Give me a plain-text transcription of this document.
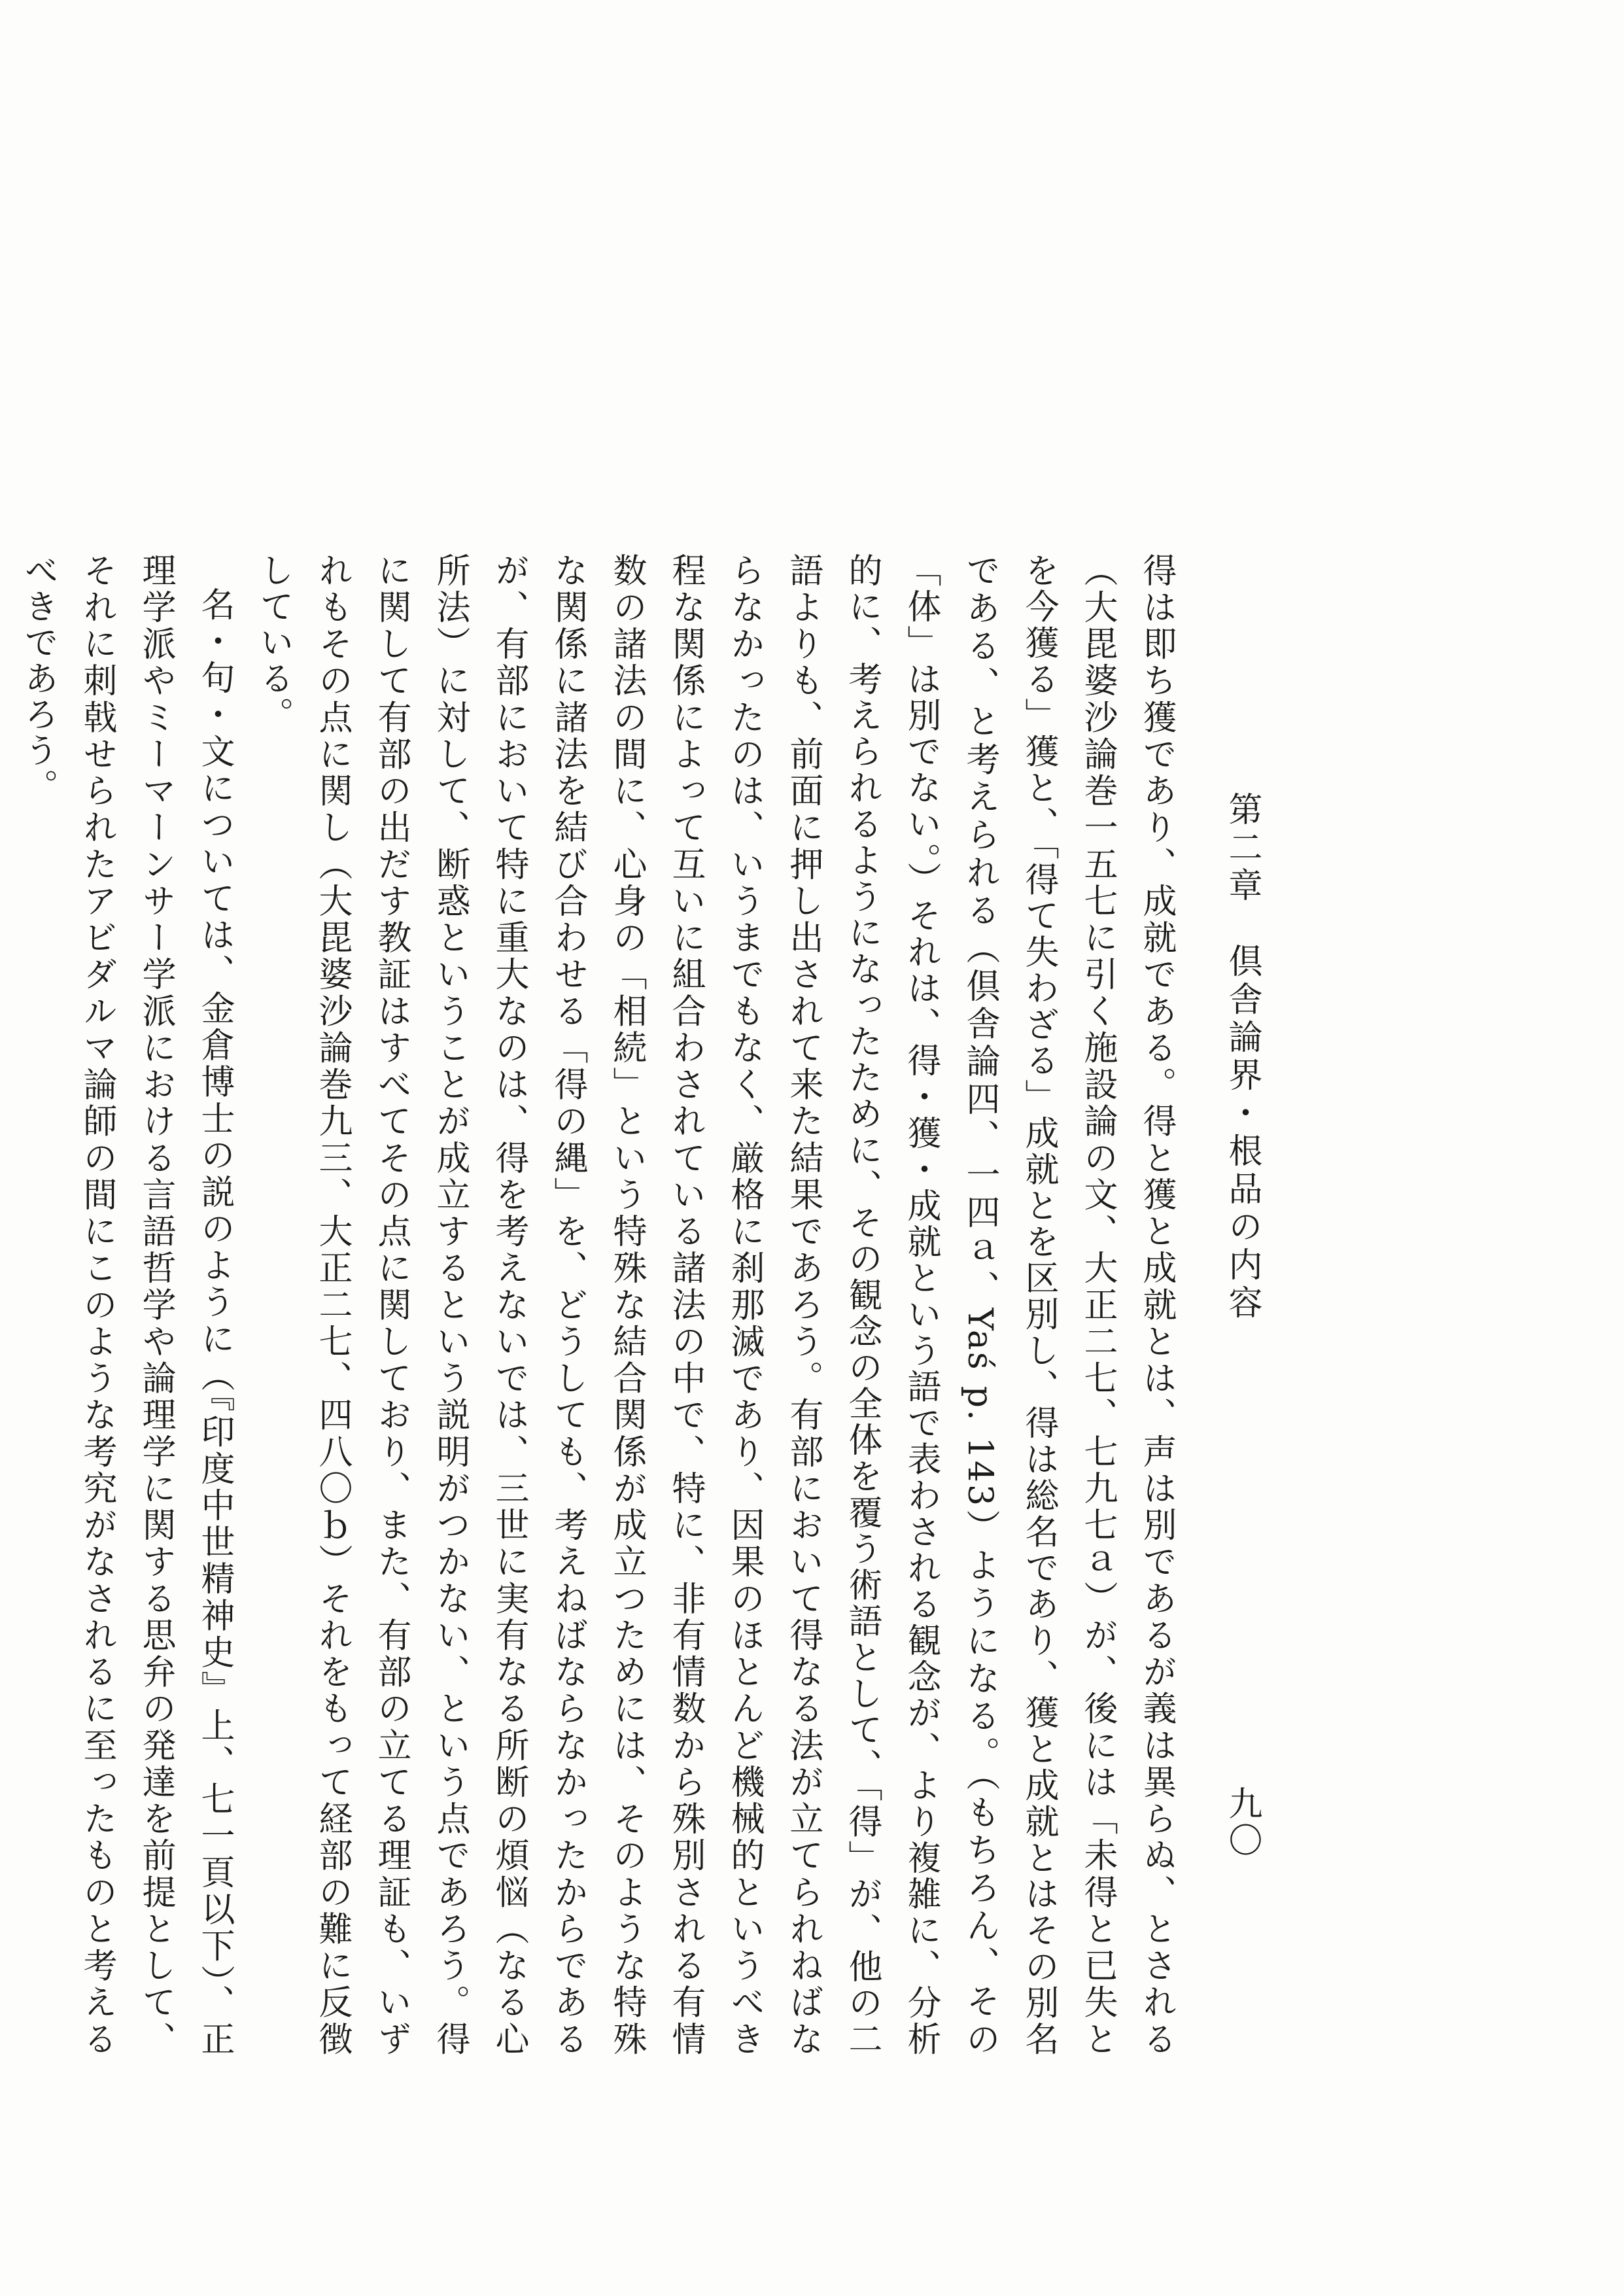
第二章　倶舎論界・根品の内容
九〇

得は即ち獲であり、成就である。得と獲と成就とは、声は別であるが義は異らぬ、とされる（大毘婆沙論巻一五七に引く施設論の文、大正二七、七九七ａ）が、後には「未得と已失とを今獲る」獲と、「得て失わざる」成就とを区別し、得は総名であり、獲と成就とはその別名である、と考えられる（倶舎論四、一四ａ、Yaś p. 143）ようになる。（もちろん、その「体」は別でない。）それは、得・獲・成就という語で表わされる観念が、より複雑に、分析的に、考えられるようになったために、その観念の全体を覆う術語として、「得」が、他の二語よりも、前面に押し出されて来た結果であろう。有部において得なる法が立てられねばならなかったのは、いうまでもなく、厳格に刹那滅であり、因果のほとんど機械的というべき程な関係によって互いに組合わされている諸法の中で、特に、非有情数から殊別される有情数の諸法の間に、心身の「相続」という特殊な結合関係が成立つためには、そのような特殊な関係に諸法を結び合わせる「得の縄」を、どうしても、考えねばならなかったからであるが、有部において特に重大なのは、得を考えないでは、三世に実有なる所断の煩悩（なる心所法）に対して、断惑ということが成立するという説明がつかない、という点であろう。得に関して有部の出だす教証はすべてその点に関しており、また、有部の立てる理証も、いずれもその点に関し（大毘婆沙論巻九三、大正二七、四八〇ｂ）それをもって経部の難に反徴している。

名・句・文については、金倉博士の説のように（『印度中世精神史』上、七一頁以下）、正理学派やミーマーンサー学派における言語哲学や論理学に関する思弁の発達を前提として、それに刺戟せられたアビダルマ論師の間にこのような考究がなされるに至ったものと考えるべきであろう。
